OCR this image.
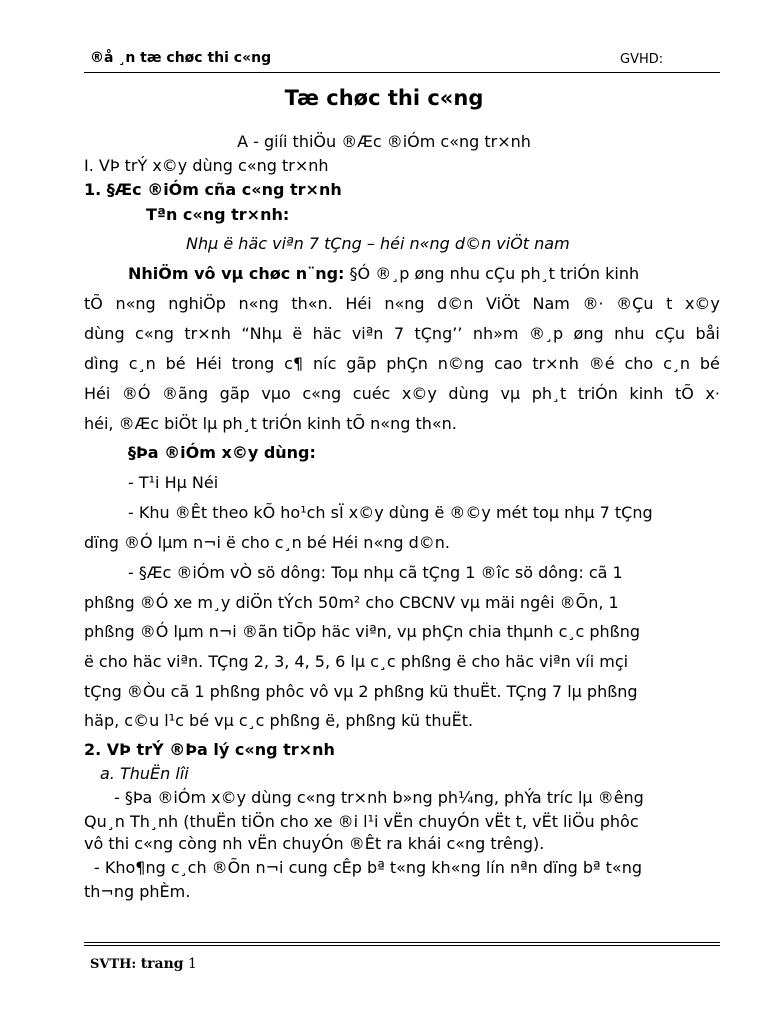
®å ¸n tæ chøc thi c«ng	GVHD:
Tæ chøc thi c«ng
A - giíi thiÖu ®Æc ®iÓm c«ng tr×nh
I. VÞ trÝ x©y dùng c«ng tr×nh
1. §Æc ®iÓm cña c«ng tr×nh
Tªn c«ng tr×nh:
Nhµ ë häc viªn 7 tÇng – héi n«ng d©n viÖt nam
NhiÖm vô vµ chøc n¨ng: §Ó ®¸p øng nhu cÇu ph¸t triÓn kinh
tÕ n«ng nghiÖp n«ng th«n. Héi n«ng d©n ViÖt Nam ®· ®Çu t x©y
dùng c«ng tr×nh “Nhµ ë häc viªn 7 tÇng’’ nh»m ®¸p øng nhu cÇu båi
dìng c¸n bé Héi trong c¶ níc gãp phÇn n©ng cao tr×nh ®é cho c¸n bé
Héi ®Ó ®ãng gãp vµo c«ng cuéc x©y dùng vµ ph¸t triÓn kinh tÕ x·
héi, ®Æc biÖt lµ ph¸t triÓn kinh tÕ n«ng th«n.
§Þa ®iÓm x©y dùng:
- T¹i Hµ Néi
- Khu ®Êt theo kÕ ho¹ch sÏ x©y dùng ë ®©y mét toµ nhµ 7 tÇng
dïng ®Ó lµm n¬i ë cho c¸n bé Héi n«ng d©n.
- §Æc ®iÓm vÒ sö dông: Toµ nhµ cã tÇng 1 ®îc sö dông: cã 1
phßng ®Ó xe m¸y diÖn tÝch 50m² cho CBCNV vµ mäi ngêi ®Õn, 1
phßng ®Ó lµm n¬i ®ãn tiÕp häc viªn, vµ phÇn chia thµnh c¸c phßng
ë cho häc viªn. TÇng 2, 3, 4, 5, 6 lµ c¸c phßng ë cho häc viªn víi mçi
tÇng ®Òu cã 1 phßng phôc vô vµ 2 phßng kü thuËt. TÇng 7 lµ phßng
häp, c©u l¹c bé vµ c¸c phßng ë, phßng kü thuËt.
2. VÞ trÝ ®Þa lý c«ng tr×nh
a. ThuËn lîi
- §Þa ®iÓm x©y dùng c«ng tr×nh b»ng ph¼ng, phÝa tríc lµ ®êng
Qu¸n Th¸nh (thuËn tiÖn cho xe ®i l¹i vËn chuyÓn vËt t, vËt liÖu phôc
vô thi c«ng còng nh vËn chuyÓn ®Êt ra khái c«ng trêng).
- Kho¶ng c¸ch ®Õn n¬i cung cÊp bª t«ng kh«ng lín nªn dïng bª t«ng
th¬ng phÈm.
SVTH: trang 1
